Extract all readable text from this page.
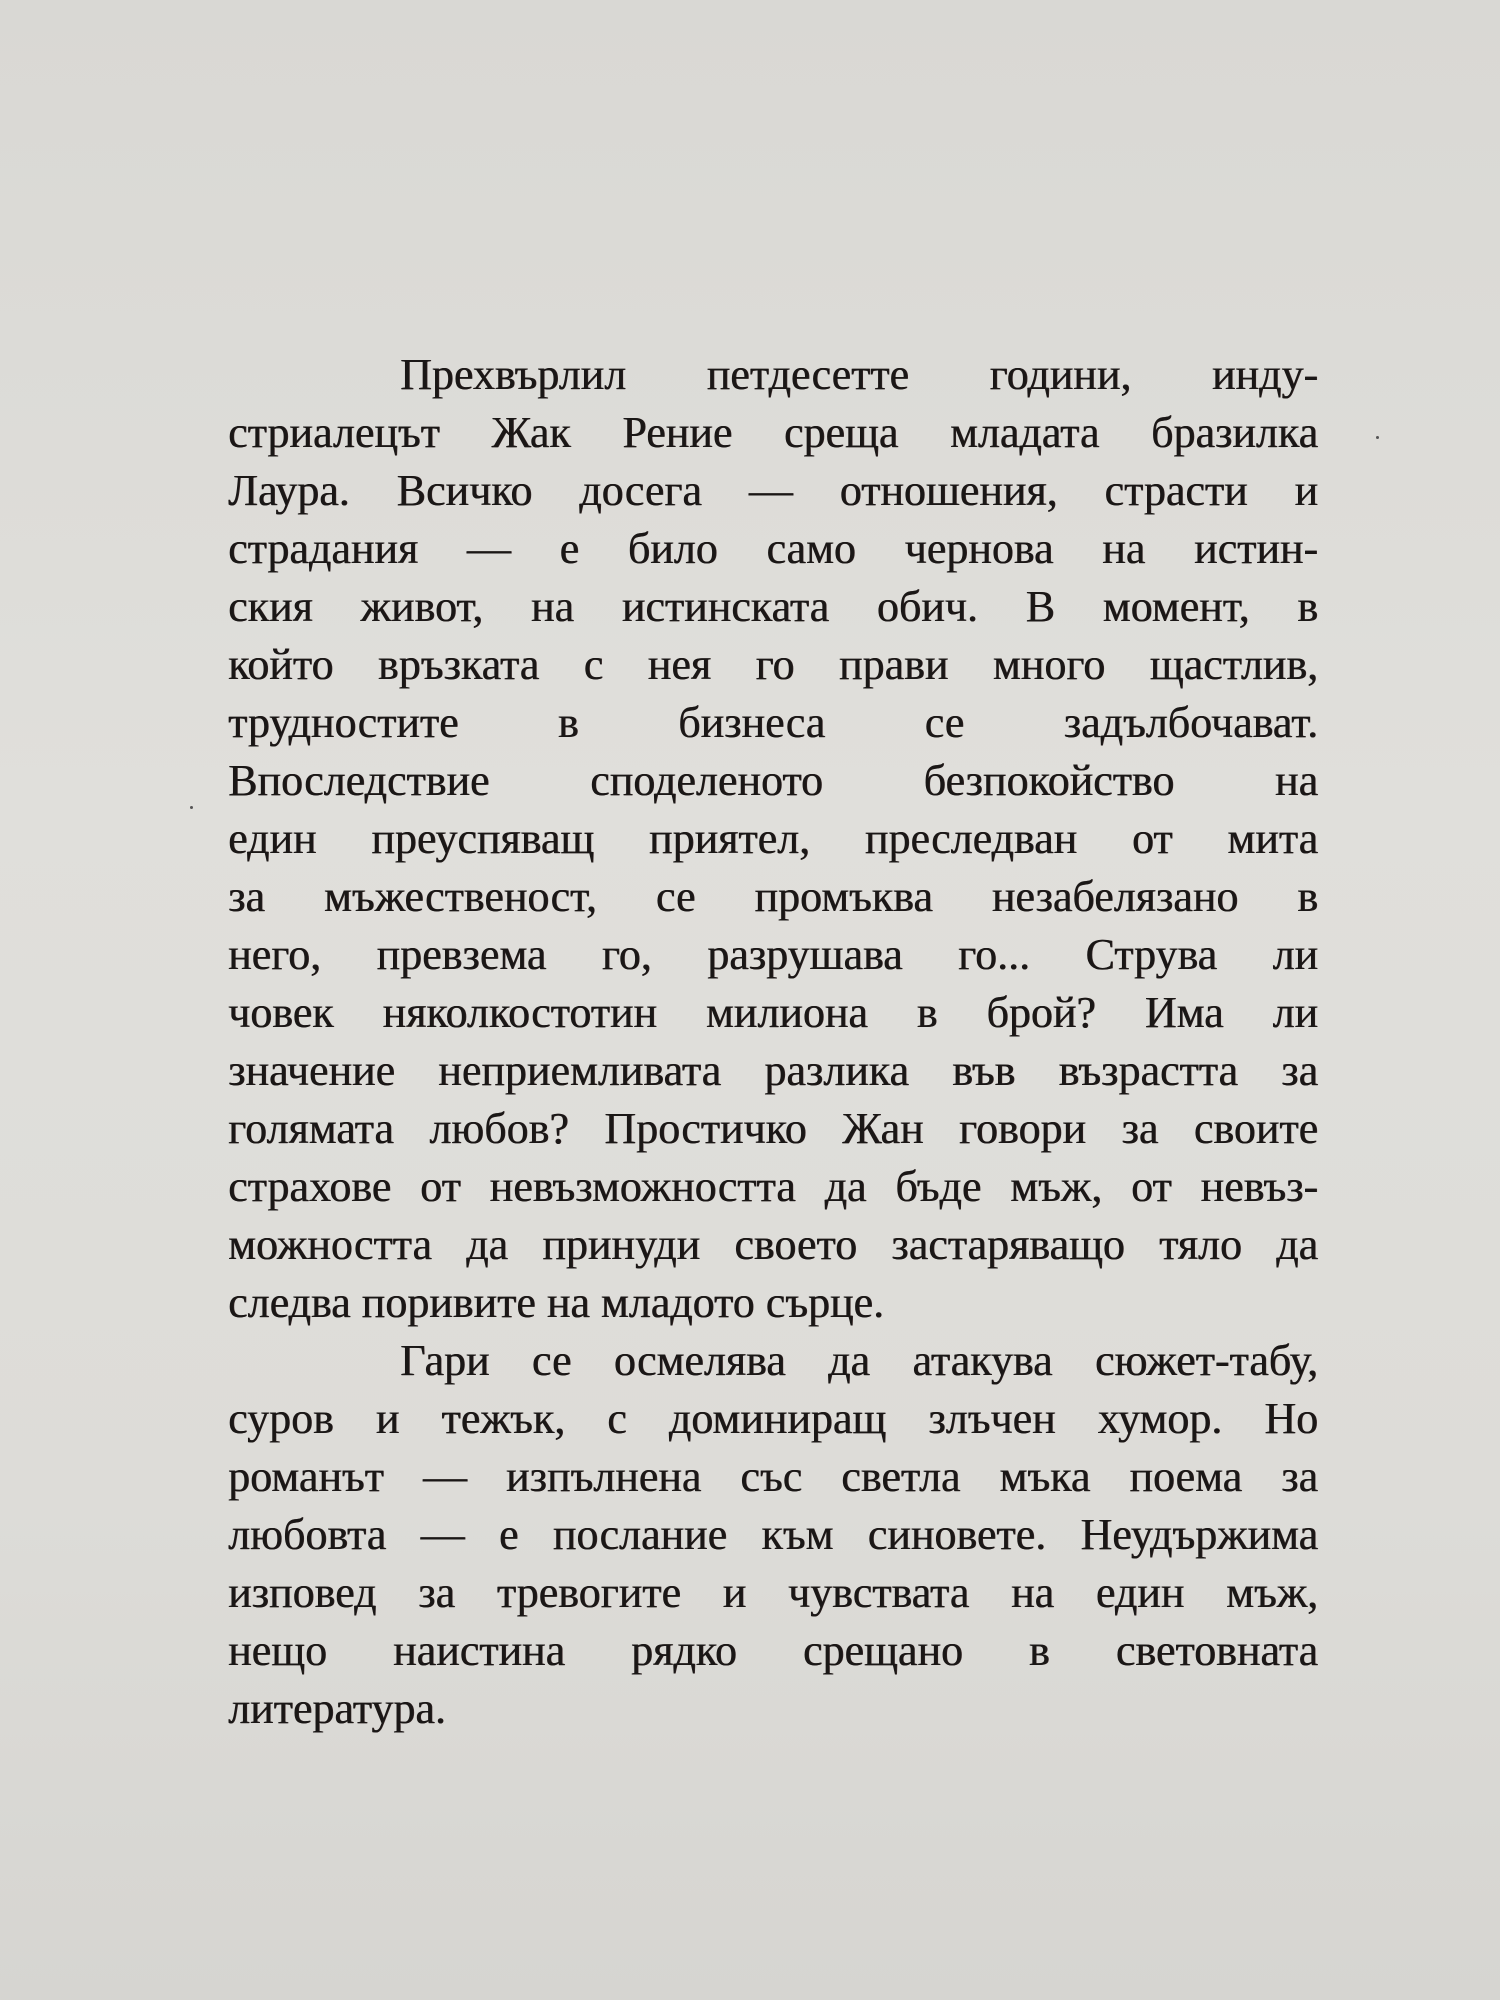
Прехвърлил петдесетте години, инду-
стриалецът Жак Рение среща младата бразилка
Лаура. Всичко досега — отношения, страсти и
страдания — е било само чернова на истин-
ския живот, на истинската обич. В момент, в
който връзката с нея го прави много щастлив,
трудностите в бизнеса се задълбочават.
Впоследствие споделеното безпокойство на
един преуспяващ приятел, преследван от мита
за мъжественост, се промъква незабелязано в
него, превзема го, разрушава го... Струва ли
човек няколкостотин милиона в брой? Има ли
значение неприемливата разлика във възрастта за
голямата любов? Простичко Жан говори за своите
страхове от невъзможността да бъде мъж, от невъз-
можността да принуди своето застаряващо тяло да
следва поривите на младото сърце.
Гари се осмелява да атакува сюжет-табу,
суров и тежък, с доминиращ злъчен хумор. Но
романът — изпълнена със светла мъка поема за
любовта — е послание към синовете. Неудържима
изповед за тревогите и чувствата на един мъж,
нещо наистина рядко срещано в световната
литература.
